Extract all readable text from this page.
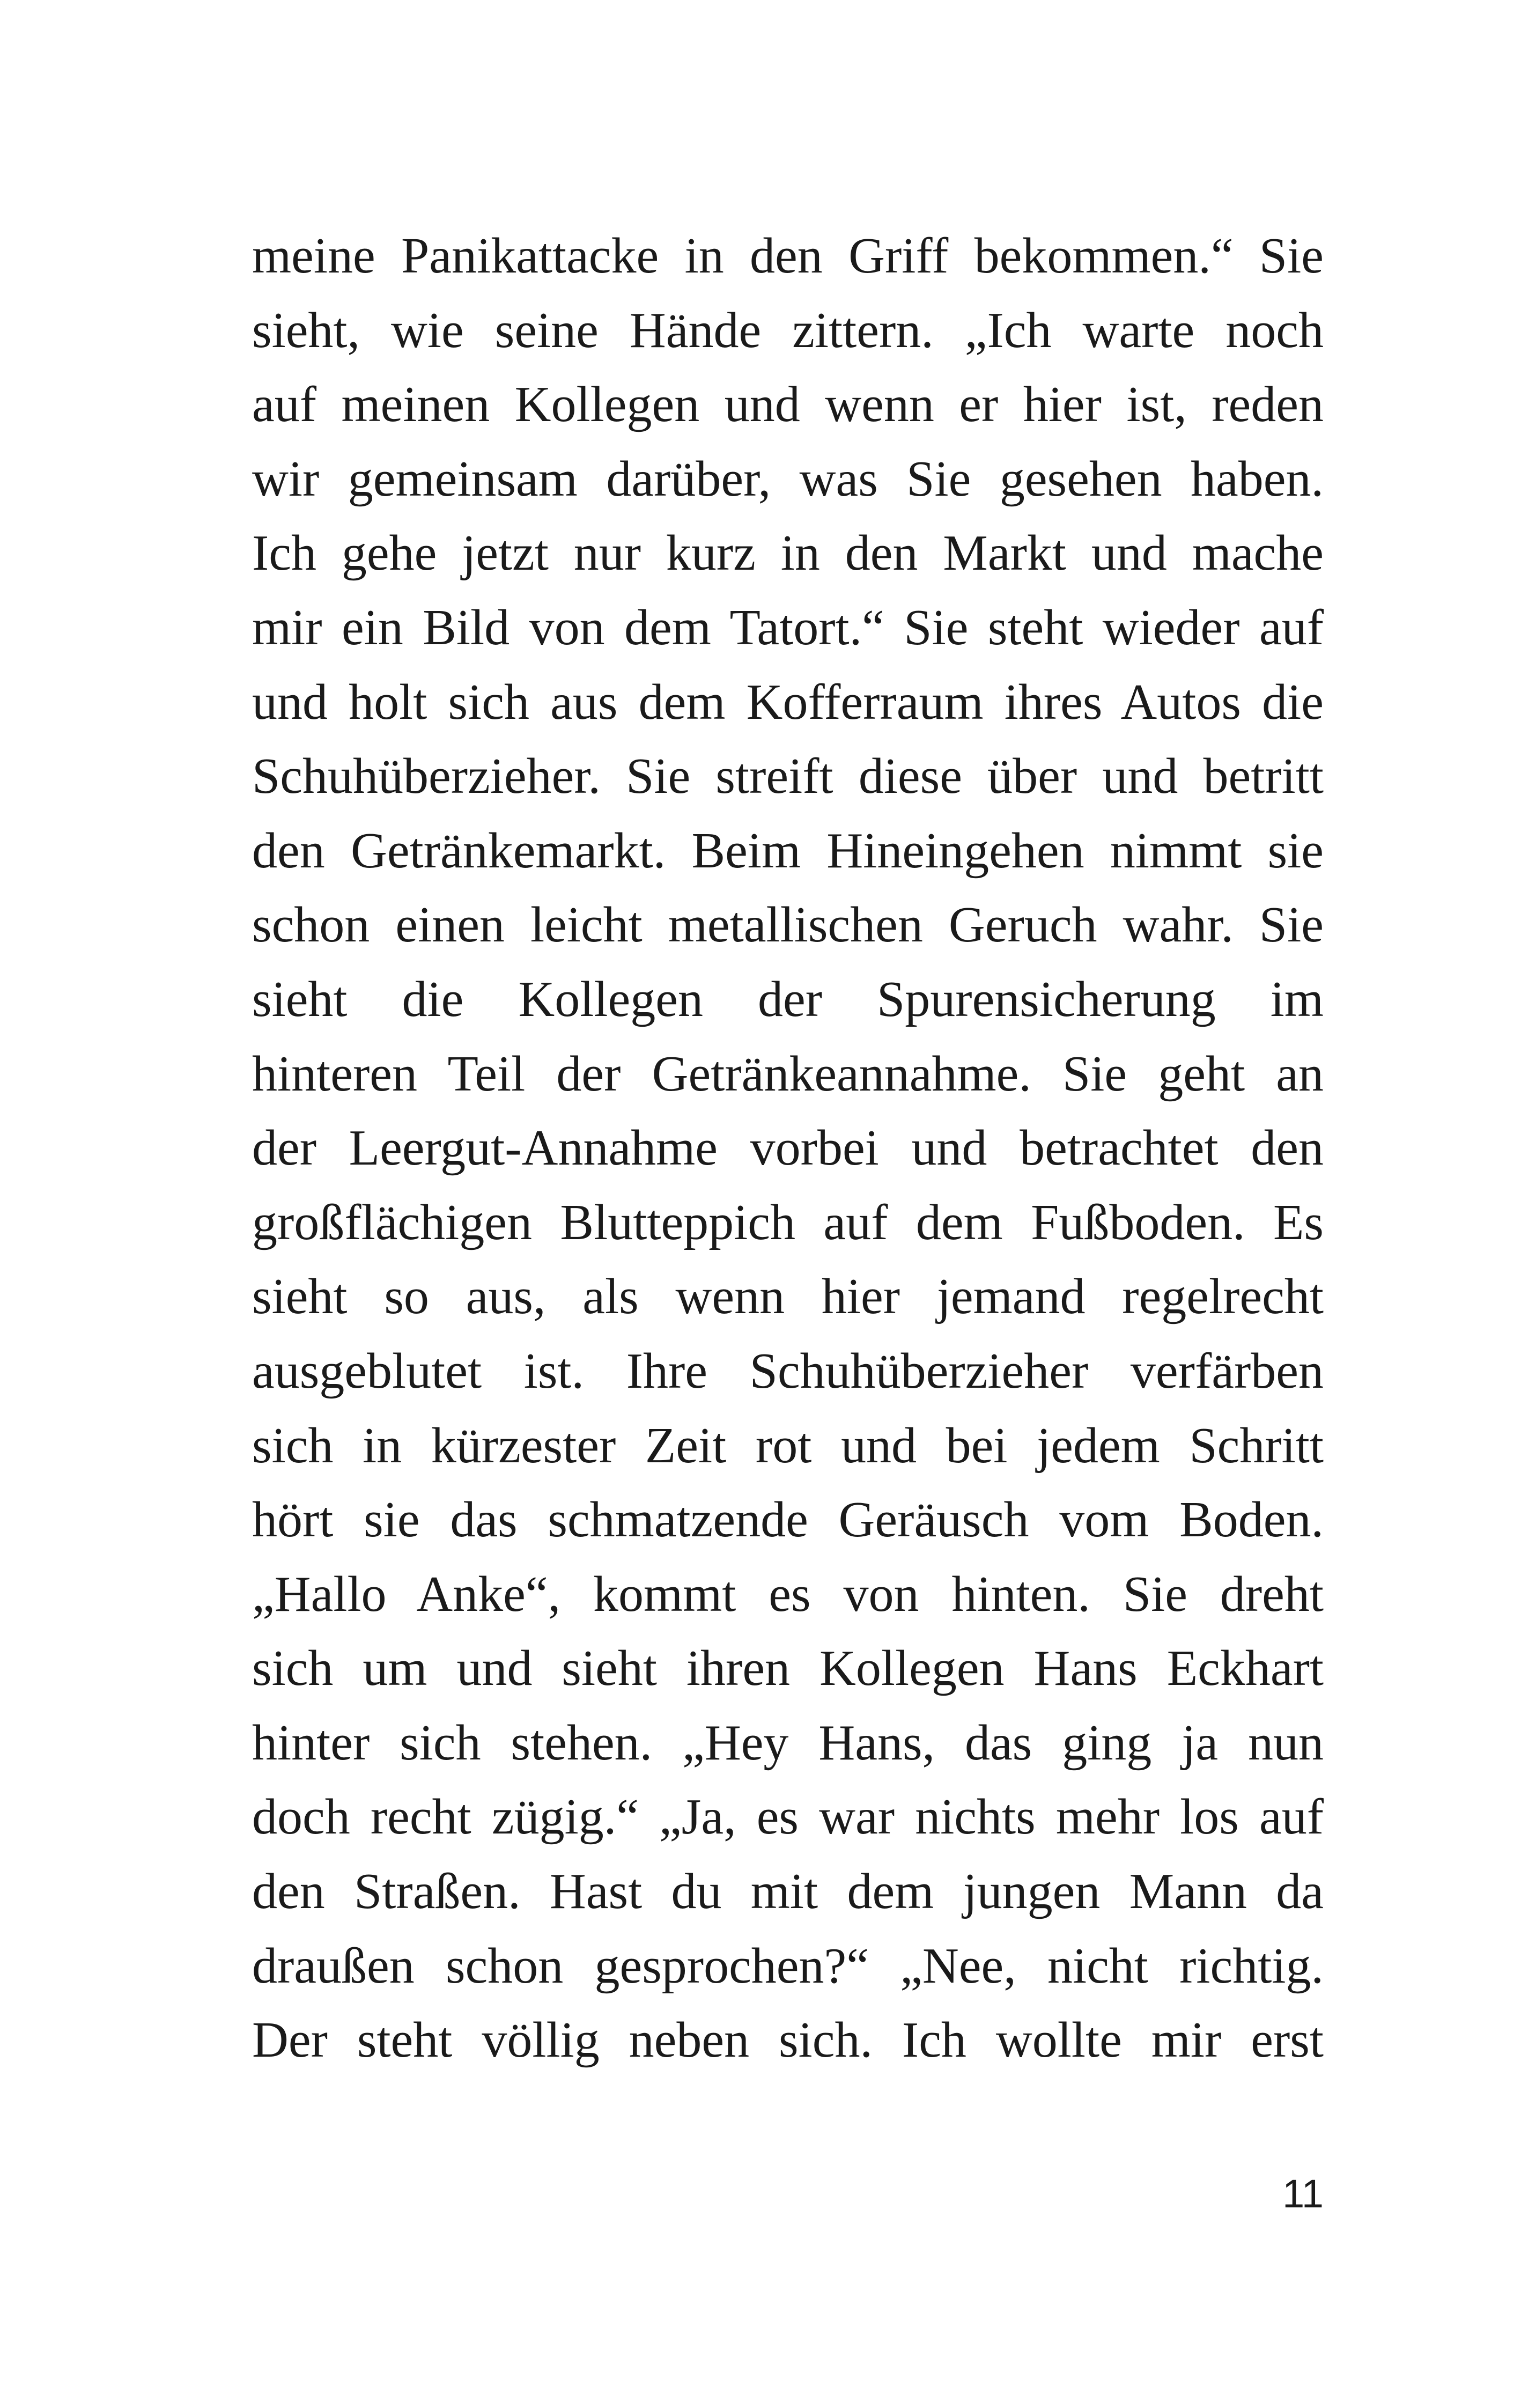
meine Panikattacke in den Griff bekommen.“ Sie
sieht, wie seine Hände zittern. „Ich warte noch
auf meinen Kollegen und wenn er hier ist, reden
wir gemeinsam darüber, was Sie gesehen haben.
Ich gehe jetzt nur kurz in den Markt und mache
mir ein Bild von dem Tatort.“ Sie steht wieder auf
und holt sich aus dem Kofferraum ihres Autos die
Schuhüberzieher. Sie streift diese über und betritt
den Getränkemarkt. Beim Hineingehen nimmt sie
schon einen leicht metallischen Geruch wahr. Sie
sieht die Kollegen der Spurensicherung im
hinteren Teil der Getränkeannahme. Sie geht an
der Leergut-Annahme vorbei und betrachtet den
großflächigen Blutteppich auf dem Fußboden. Es
sieht so aus, als wenn hier jemand regelrecht
ausgeblutet ist. Ihre Schuhüberzieher verfärben
sich in kürzester Zeit rot und bei jedem Schritt
hört sie das schmatzende Geräusch vom Boden.
„Hallo Anke“, kommt es von hinten. Sie dreht
sich um und sieht ihren Kollegen Hans Eckhart
hinter sich stehen. „Hey Hans, das ging ja nun
doch recht zügig.“ „Ja, es war nichts mehr los auf
den Straßen. Hast du mit dem jungen Mann da
draußen schon gesprochen?“ „Nee, nicht richtig.
Der steht völlig neben sich. Ich wollte mir erst
11
